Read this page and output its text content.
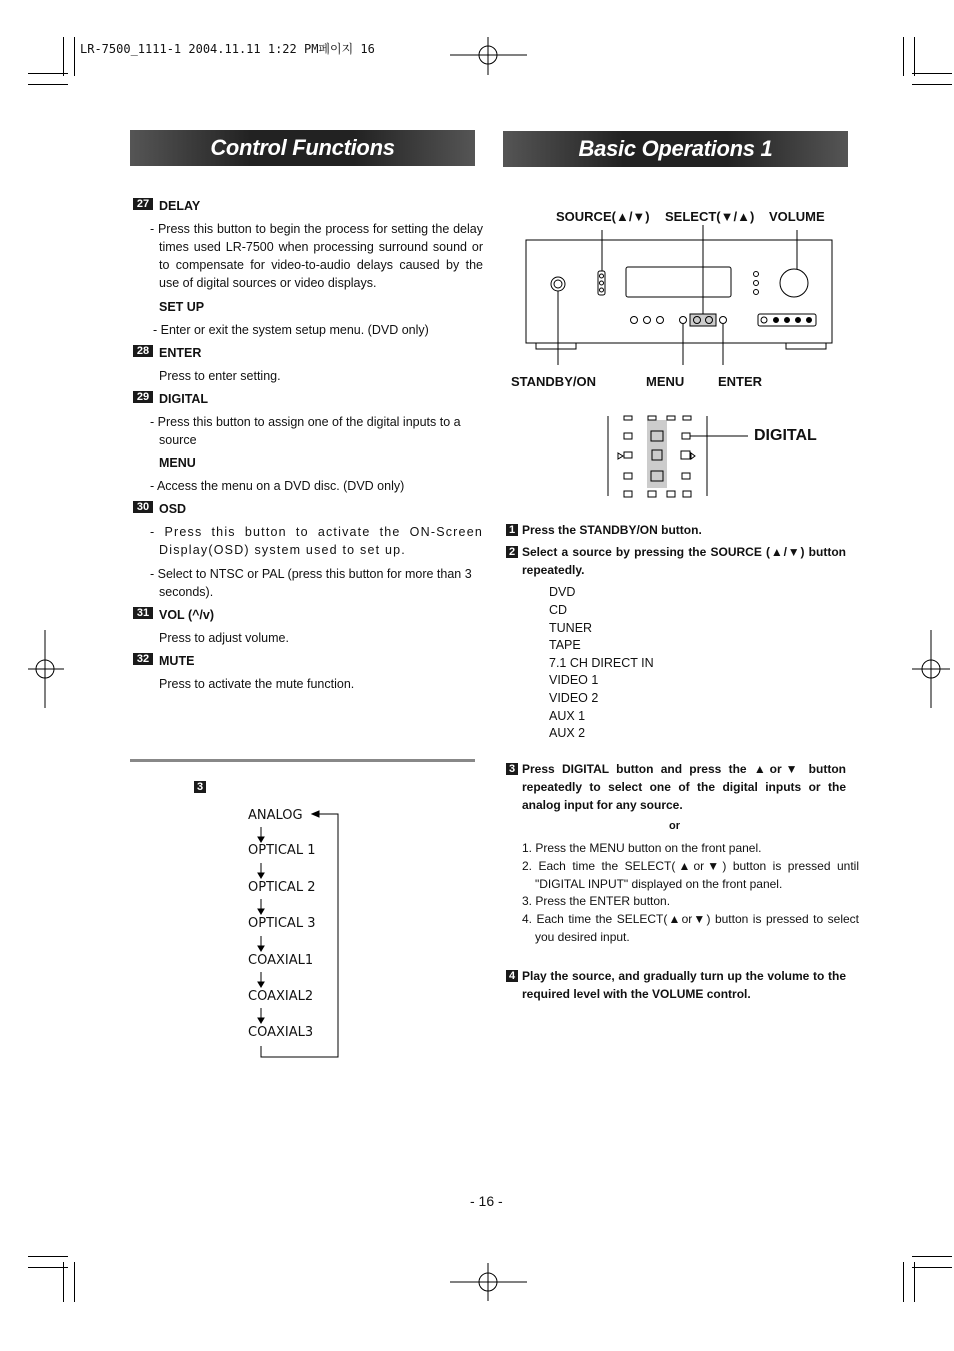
LR-7500_1111-1 2004.11.11 1:22 PM페이지 16
Control Functions	Basic Operations 1
27 DELAY
- Press this button to begin the process for setting the delay times used LR-7500 when processing surround sound or to compensate for video-to-audio delays caused by the use of digital sources or video displays.
SET UP
- Enter or exit the system setup menu. (DVD only)
28 ENTER
Press to enter setting.
29 DIGITAL
- Press this button to assign one of the digital inputs to a source
MENU
- Access the menu on a DVD disc. (DVD only)
30 OSD
- Press this button to activate the ON-Screen Display(OSD) system used to set up.
- Select to NTSC or PAL (press this button for more than 3 seconds).
31 VOL (^/v)
Press to adjust volume.
32 MUTE
Press to activate the mute function.
3
ANALOG
OPTICAL 1
OPTICAL 2
OPTICAL 3
COAXIAL1
COAXIAL2
COAXIAL3
SOURCE(▲/▼) SELECT(▼/▲) VOLUME
STANDBY/ON	MENU	ENTER
DIGITAL
1 Press the STANDBY/ON button.
2 Select a source by pressing the SOURCE (▲/▼) button repeatedly.
DVD
CD
TUNER
TAPE
7.1 CH DIRECT IN
VIDEO 1
VIDEO 2
AUX 1
AUX 2
3 Press DIGITAL button and press the ▲or▼ button repeatedly to select one of the digital inputs or the analog input for any source.
or
1. Press the MENU button on the front panel.
2. Each time the SELECT(▲or▼) button is pressed until "DIGITAL INPUT" displayed on the front panel.
3. Press the ENTER button.
4. Each time the SELECT(▲or▼) button is pressed to select you desired input.
4 Play the source, and gradually turn up the volume to the required level with the VOLUME control.
- 16 -
